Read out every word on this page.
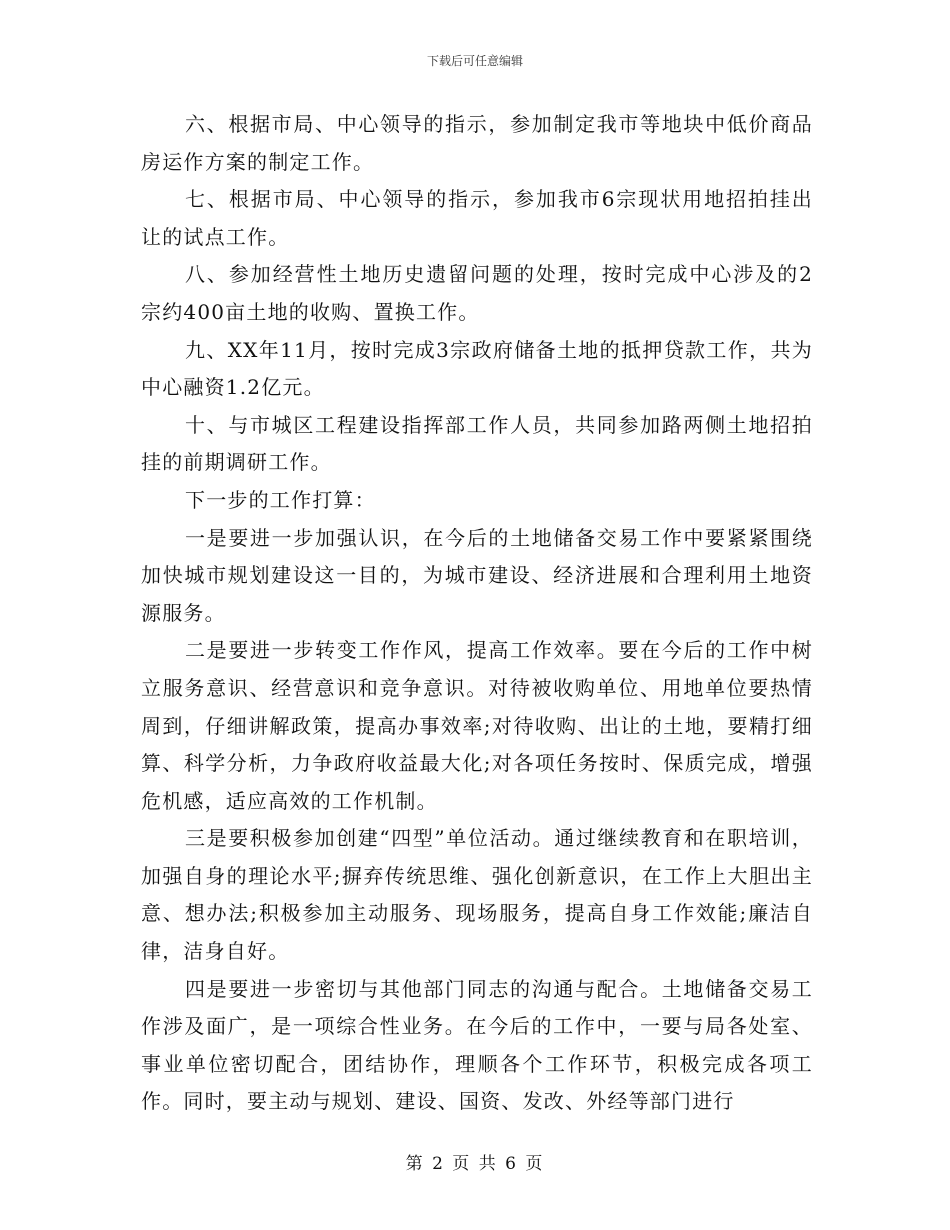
下载后可任意编辑

六、根据市局、中心领导的指示，参加制定我市等地块中低价商品房运作方案的制定工作。

七、根据市局、中心领导的指示，参加我市6宗现状用地招拍挂出让的试点工作。

八、参加经营性土地历史遗留问题的处理，按时完成中心涉及的2宗约400亩土地的收购、置换工作。

九、XX年11月，按时完成3宗政府储备土地的抵押贷款工作，共为中心融资1.2亿元。

十、与市城区工程建设指挥部工作人员，共同参加路两侧土地招拍挂的前期调研工作。

下一步的工作打算：

一是要进一步加强认识，在今后的土地储备交易工作中要紧紧围绕加快城市规划建设这一目的，为城市建设、经济进展和合理利用土地资源服务。

二是要进一步转变工作作风，提高工作效率。要在今后的工作中树立服务意识、经营意识和竞争意识。对待被收购单位、用地单位要热情周到，仔细讲解政策，提高办事效率;对待收购、出让的土地，要精打细算、科学分析，力争政府收益最大化;对各项任务按时、保质完成，增强危机感，适应高效的工作机制。

三是要积极参加创建“四型”单位活动。通过继续教育和在职培训，加强自身的理论水平;摒弃传统思维、强化创新意识，在工作上大胆出主意、想办法;积极参加主动服务、现场服务，提高自身工作效能;廉洁自律，洁身自好。

四是要进一步密切与其他部门同志的沟通与配合。土地储备交易工作涉及面广，是一项综合性业务。在今后的工作中，一要与局各处室、事业单位密切配合，团结协作，理顺各个工作环节，积极完成各项工作。同时，要主动与规划、建设、国资、发改、外经等部门进行

第 2 页 共 6 页
